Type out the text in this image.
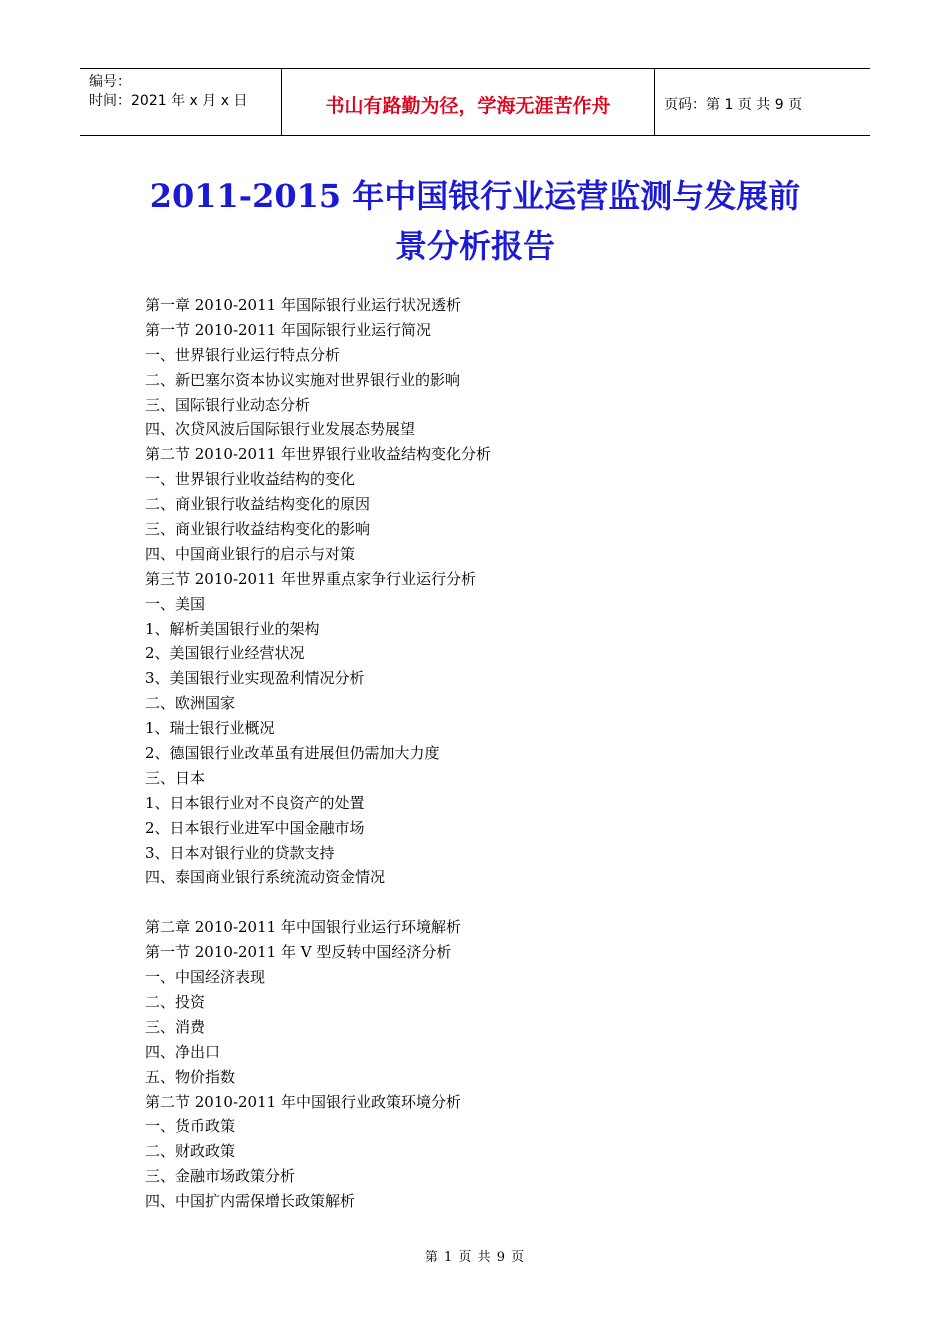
编号：
时间：2021 年 x 月 x 日	书山有路勤为径，学海无涯苦作舟	页码：第 1 页 共 9 页
2011-2015 年中国银行业运营监测与发展前
景分析报告
第一章 2010-2011 年国际银行业运行状况透析
第一节 2010-2011 年国际银行业运行简况
一、世界银行业运行特点分析
二、新巴塞尔资本协议实施对世界银行业的影响
三、国际银行业动态分析
四、次贷风波后国际银行业发展态势展望
第二节 2010-2011 年世界银行业收益结构变化分析
一、世界银行业收益结构的变化
二、商业银行收益结构变化的原因
三、商业银行收益结构变化的影响
四、中国商业银行的启示与对策
第三节 2010-2011 年世界重点家争行业运行分析
一、美国
1、解析美国银行业的架构
2、美国银行业经营状况
3、美国银行业实现盈利情况分析
二、欧洲国家
1、瑞士银行业概况
2、德国银行业改革虽有进展但仍需加大力度
三、日本
1、日本银行业对不良资产的处置
2、日本银行业进军中国金融市场
3、日本对银行业的贷款支持
四、泰国商业银行系统流动资金情况
第二章 2010-2011 年中国银行业运行环境解析
第一节 2010-2011 年 V 型反转中国经济分析
一、中国经济表现
二、投资
三、消费
四、净出口
五、物价指数
第二节 2010-2011 年中国银行业政策环境分析
一、货币政策
二、财政政策
三、金融市场政策分析
四、中国扩内需保增长政策解析
第 1 页 共 9 页
